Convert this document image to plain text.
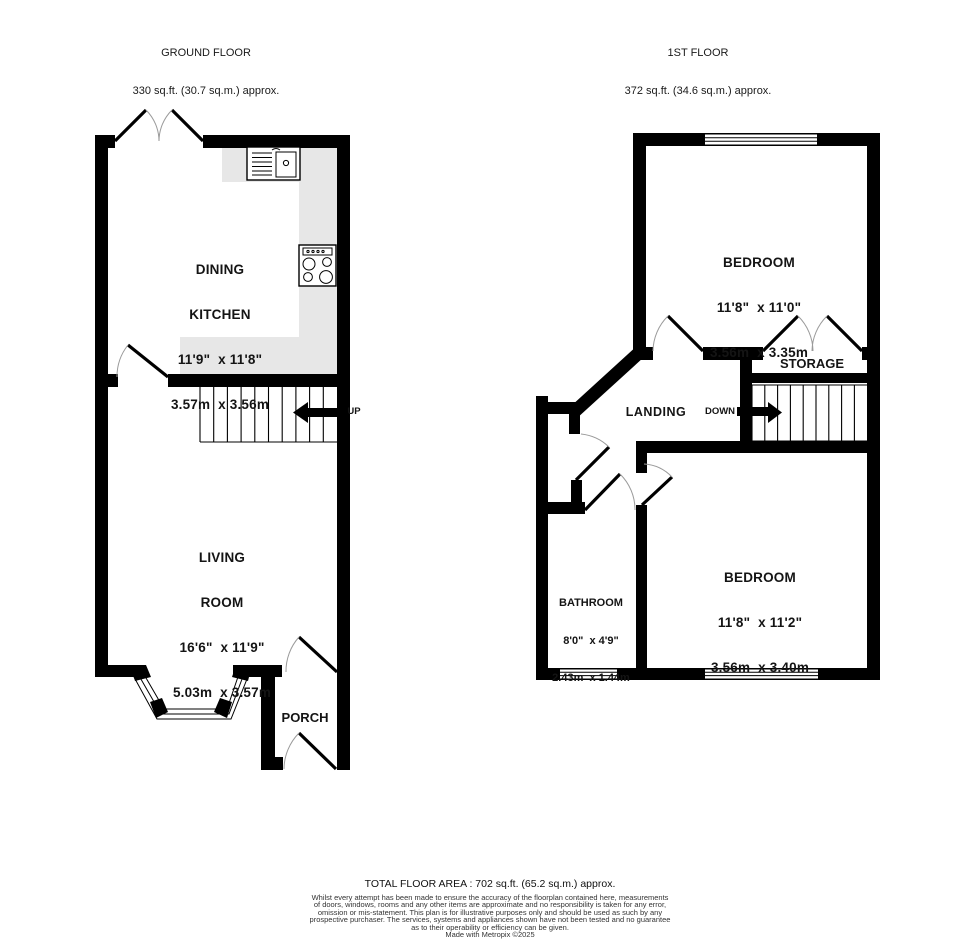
GROUND FLOOR

330 sq.ft. (30.7 sq.m.) approx.

1ST FLOOR

372 sq.ft. (34.6 sq.m.) approx.

DINING

KITCHEN

11'9"  x 11'8"

3.57m  x 3.56m

LIVING

ROOM

16'6"  x 11'9"

5.03m  x 3.57m

PORCH
UP

BEDROOM

11'8"  x 11'0"

3.56m  x 3.35m

STORAGE
LANDING DOWN

BEDROOM

11'8"  x 11'2"

3.56m  x 3.40m

BATHROOM

8'0"  x 4'9"

2.43m  x 1.44m

TOTAL FLOOR AREA : 702 sq.ft. (65.2 sq.m.) approx.
Whilst every attempt has been made to ensure the accuracy of the floorplan contained here, measurements
of doors, windows, rooms and any other items are approximate and no responsibility is taken for any error,
omission or mis-statement. This plan is for illustrative purposes only and should be used as such by any
prospective purchaser. The services, systems and appliances shown have not been tested and no guarantee
as to their operability or efficiency can be given.
Made with Metropix ©2025
